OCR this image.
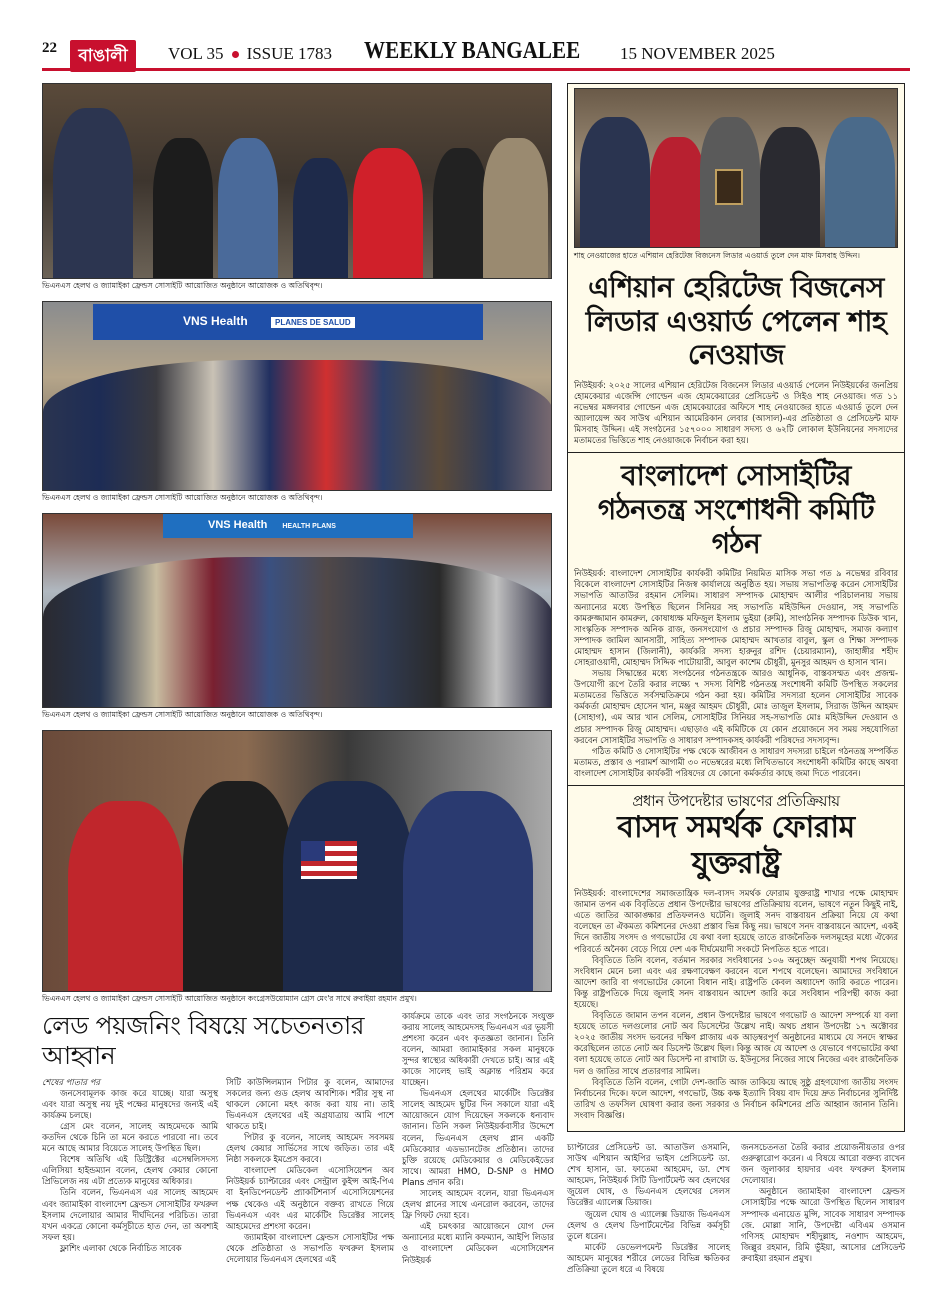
22	বাঙালী	VOL 35 ISSUE 1783 WEEKLY BANGALEE 15 NOVEMBER 2025
ভিএনএস হেলথ ও জ্যামাইকা ফ্রেন্ডস সোসাইটি আয়োজিত অনুষ্ঠানে আয়োজক ও অতিথিবৃন্দ।
VNS Health	PLANES DE SALUD
ভিএনএস হেলথ ও জ্যামাইকা ফ্রেন্ডস সোসাইটি আয়োজিত অনুষ্ঠানে আয়োজক ও অতিথিবৃন্দ।
VNS Health HEALTH PLANS
ভিএনএস হেলথ ও জ্যামাইকা ফ্রেন্ডস সোসাইটি আয়োজিত অনুষ্ঠানে আয়োজক ও অতিথিবৃন্দ।
ভিএনএস হেলথ ও জ্যামাইকা ফ্রেন্ডস সোসাইটি আয়োজিত অনুষ্ঠানে কংগ্রেসউয়োম্যান গ্রেস মেং'র সাথে রুবাইয়া রহমান প্রমুখ।
লেড পয়জনিং বিষয়ে সচেতনতার আহ্বান

শেষের পাতার পর

জনসেবামূলক কাজ করে যাচ্ছে। যারা অসুস্থ এবং যারা অসুস্থ নয় দুই পক্ষের মানুষদের জন্যই এই কার্যক্রম চলছে।

গ্রেস মেং বলেন, সালেহ আহমেদকে আমি কতদিন থেকে চিনি তা মনে করতে পারবো না। তবে মনে আছে আমার বিয়েতে সালেহ উপস্থিত ছিল।

বিশেষ অতিথি এই ডিস্ট্রিক্টের এসেম্বলিসদস্য এলিসিয়া হাইন্ডম্যান বলেন, হেলথ কেয়ার কোনো প্রিভিলেজ নয় এটা প্রত্যেক মানুষের অধিকার।

তিনি বলেন, ভিএনএস এর সালেহ আহমেদ এবং জ্যামাইকা বাংলাদেশ ফ্রেন্ডস সোসাইটির ফখরুল ইসলাম দেলোয়ার আমার দীর্ঘদিনের পরিচিত। তারা যখন একত্রে কোনো কর্মসূচীতে হাত দেন, তা অবশ্যই সফল হয়।

ফ্লাশিং এলাকা থেকে নির্বাচিত সাবেক

সিটি কাউন্সিলম্যান পিটার কু বলেন, আমাদের সকলের জন্য গুড হেলথ আবশ্যিক। শরীর সুস্থ না থাকলে কোনো মহৎ কাজ করা যায় না। তাই ভিএনএস হেলথের এই অগ্রযাত্রায় আমি পাশে থাকতে চাই।

পিটার কু বলেন, সালেহ আহমেদ সবসময় হেলথ কেয়ার সার্ভিসের সাথে জড়িত। তার এই নিষ্ঠা সকলকে ইমপ্রেস করবে।

বাংলাদেশ মেডিকেল এসোসিয়েশন অব নিউইয়র্ক চ্যাপ্টারের এবং সেন্ট্রাল কুইন্স আই-পিএ বা ইনডিপেনডেন্ট প্র্যাকটিশনার্স এসোসিয়েশনের পক্ষ থেকেও এই অনুষ্ঠানে বক্তব্য রাখতে গিয়ে ভিএনএস এবং এর মার্কেটিং ডিরেক্টর সালেহ আহমেদের প্রশংসা করেন।

জ্যামাইকা বাংলাদেশ ফ্রেন্ডস সোসাইটির পক্ষ থেকে প্রতিষ্ঠাতা ও সভাপতি ফখরুল ইসলাম দেলোয়ার ভিএনএস হেলথের এই

কার্যক্রমে তাকে এবং তার সংগঠনকে সংযুক্ত করায় সালেহ আহমেদসহ ভিএনএস এর ভূয়সী প্রশংসা করেন এবং কৃতজ্ঞতা জানান। তিনি বলেন, আমরা জ্যামাইকার সকল মানুষকে সুন্দর স্বাস্থ্যের অধিকারী দেখতে চাই। আর এই কাজে সালেহ ভাই অক্লান্ত পরিশ্রম করে যাচ্ছেন।

ভিএনএস হেলথের মার্কেটিং ডিরেক্টর সালেহ আহমেদ ছুটির দিন সকালে যারা এই আয়োজনে যোগ দিয়েছেন সকলকে ধন্যবাদ জানান। তিনি সকল নিউইয়র্কবাসীর উদ্দেশে বলেন, ভিএনএস হেলথ প্লান একটি মেডিকেয়ার এডভ্যানটেজ প্রতিষ্ঠান। তাদের চুক্তি রয়েছে মেডিকেয়ার ও মেডিকেইডের সাথে। আমরা HMO, D-SNP ও HMO Plans প্রদান করি।

সালেহ আহমেদ বলেন, যারা ভিএনএস হেলথ প্লানের সাথে এনরোল করবেন, তাদের ফ্রি গিফট দেয়া হবে।

এই চমৎকার আয়োজনে যোগ দেন অন্যান্যের মধ্যে ম্যানি কফম্যান, আইপি লিডার ও বাংলাদেশ মেডিকেল এসোসিয়েশন নিউইয়র্ক

শাহ নেওয়াজের হাতে এশিয়ান হেরিটেজ বিজনেস লিডার এওয়ার্ড তুলে দেন মাফ মিসবাহ উদ্দিন।
এশিয়ান হেরিটেজ বিজনেস লিডার এওয়ার্ড পেলেন শাহ নেওয়াজ

নিউইয়র্ক: ২০২৫ সালের এশিয়ান হেরিটেজ বিজনেস লিডার এওয়ার্ড পেলেন নিউইয়র্কের জনপ্রিয় হোমকেয়ার এজেন্সি গোল্ডেন এজ হোমকেয়ারের প্রেসিডেন্ট ও সিইও শাহ নেওয়াজ। গত ১১ নভেম্বর মঙ্গলবার গোল্ডেন এজ হোমকেয়ারের অফিসে শাহ নেওয়াজের হাতে এওয়ার্ড তুলে দেন অ্যালায়েন্স অব সাউথ এশিয়ান আমেরিকান লেবার (আসাল)-এর প্রতিষ্ঠাতা ও প্রেসিডেন্ট মাফ মিসবাহ উদ্দিন। এই সংগঠনের ১৫৭০০০ সাধারণ সদস্য ও ৬২টি লোকাল ইউনিয়নের সদস্যদের মতামতের ভিত্তিতে শাহ নেওয়াজকে নির্বাচন করা হয়।

বাংলাদেশ সোসাইটির গঠনতন্ত্র সংশোধনী কমিটি গঠন

নিউইয়র্ক: বাংলাদেশ সোসাইটির কার্যকরী কমিটির নিয়মিত মাসিক সভা গত ৯ নভেম্বর রবিবার বিকেলে বাংলাদেশ সোসাইটির নিজস্ব কার্যালয়ে অনুষ্ঠিত হয়। সভায় সভাপতিত্ব করেন সোসাইটির সভাপতি আতাউর রহমান সেলিম। সাধারণ সম্পাদক মোহাম্মদ আলীর পরিচালনায় সভায় অন্যান্যের মধ্যে উপস্থিত ছিলেন সিনিয়র সহ সভাপতি মহিউদ্দিন দেওয়ান, সহ সভাপতি কামরুজ্জামান কামরুল, কোষাধ্যক্ষ মফিজুল ইসলাম ভুইয়া (রুমি), সাংগঠনিক সম্পাদক ডিউক খান, সাংস্কৃতিক সম্পাদক অনিক রাজ, জনসংযোগ ও প্রচার সম্পাদক রিজু মোহাম্মদ, সমাজ কল্যাণ সম্পাদক জামিল আনসারী, সাহিত্য সম্পাদক মোহাম্মদ আখতার বাবুল, স্কুল ও শিক্ষা সম্পাদক মোহাম্মদ হাসান (জিলানী), কার্যকরি সদস্য হারুনুর রশিদ (চেয়ারম্যান), জাহাঙ্গীর শহীদ সোহরাওয়ার্দী, মোহাম্মদ সিদ্দিক পাটোয়ারী, আবুল কাশেম চৌধুরী, মুনসুর আহমদ ও হাসান খান।

সভায় সিদ্ধান্তের মধ্যে সংগঠনের গঠনতন্ত্রকে আরও আধুনিক, বাস্তবসম্মত এবং প্রজন্ম-উপযোগী রূপে তৈরি করার লক্ষ্যে ৭ সদস্য বিশিষ্ট গঠনতন্ত্র সংশোধনী কমিটি উপস্থিত সকলের মতামতের ভিত্তিতে সর্বসম্মতিক্রমে গঠন করা হয়। কমিটির সদস্যরা হলেন সোসাইটির সাবেক কর্মকর্তা মোহাম্মদ হোসেন খান, মঞ্জুর আহমদ চৌধুরী, মোঃ তাজুল ইসলাম, সিরাজ উদ্দিন আহমদ (সোহাগ), এম আর খান সেলিম, সোসাইটির সিনিয়র সহ-সভাপতি মোঃ মহিউদ্দিন দেওয়ান ও প্রচার সম্পাদক রিজু মোহাম্মদ। এছাড়াও এই কমিটিকে যে কোন প্রয়োজনে সব সময় সহযোগিতা করবেন সোসাইটির সভাপতি ও সাধারণ সম্পাদকসহ কার্যকরী পরিষদের সদস্যবৃন্দ।

গঠিত কমিটি ও সোসাইটির পক্ষ থেকে আজীবন ও সাধারণ সদস্যরা চাইলে গঠনতন্ত্র সম্পর্কিত মতামত, প্রস্তাব ও পরামর্শ আগামী ৩০ নভেম্বরের মধ্যে লিখিতভাবে সংশোধনী কমিটির কাছে অথবা বাংলাদেশ সোসাইটির কার্যকরী পরিষদের যে কোনো কর্মকর্তার কাছে জমা দিতে পারবেন।

প্রধান উপদেষ্টার ভাষণের প্রতিক্রিয়ায়
বাসদ সমর্থক ফোরাম যুক্তরাষ্ট্র

নিউইয়র্ক: বাংলাদেশের সমাজতান্ত্রিক দল-বাসদ সমর্থক ফোরাম যুক্তরাষ্ট্র শাখার পক্ষে মোহাম্মদ জামান তপন এক বিবৃতিতে প্রধান উপদেষ্টার ভাষণের প্রতিক্রিয়ায় বলেন, ভাষণে নতুন কিছুই নাই, এতে জাতির আকাঙ্ক্ষার প্রতিফলনও ঘটেনি। জুলাই সনদ বাস্তবায়ন প্রক্রিয়া নিয়ে যে কথা বলেছেন তা ঐকমত্য কমিশনের দেওয়া প্রস্তাব ভিন্ন কিছু নয়। ভাষণে সনদ বাস্তবায়নে আদেশ, একই দিনে জাতীয় সংসদ ও গণভোটের যে কথা বলা হয়েছে তাতে রাজনৈতিক দলসমূহের মধ্যে ঐক্যের পরিবর্তে অনৈক্য বেড়ে গিয়ে দেশ এক দীর্ঘমেয়াদী সংকটে নিপতিত হতে পারে।

বিবৃতিতে তিনি বলেন, বর্তমান সরকার সংবিধানের ১০৬ অনুচ্ছেদ অনুযায়ী শপথ নিয়েছে। সংবিধান মেনে চলা এবং এর রক্ষণাবেক্ষণ করবেন বলে শপথে বলেছেন। আমাদের সংবিধানে আদেশ জারি বা গণভোটের কোনো বিধান নাই। রাষ্ট্রপতি কেবল অধ্যাদেশ জারি করতে পারেন। কিন্তু রাষ্ট্রপতিকে দিয়ে জুলাই সনদ বাস্তবায়ন আদেশ জারি করে সংবিধান পরিপন্থী কাজ করা হয়েছে।

বিবৃতিতে জামান তপন বলেন, প্রধান উপদেষ্টার ভাষণে গণভোট ও আদেশ সম্পর্কে যা বলা হয়েছে তাতে দলগুলোর নোট অব ডিসেন্টের উল্লেখ নাই। অথচ প্রধান উপদেষ্টা ১৭ অক্টোবর ২০২৫ জাতীয় সংসদ ভবনের দক্ষিণ প্লাজায় এক আড়ম্বরপূর্ণ অনুষ্ঠানের মাধ্যমে যে সনদে স্বাক্ষর করেছিলেন তাতে নোট অব ডিসেন্ট উল্লেখ ছিল। কিন্তু আজ যে আদেশ ও যেভাবে গণভোটের কথা বলা হয়েছে তাতে নোট অব ডিসেন্ট না রাখাটা ড. ইউনূসের নিজের সাথে নিজের এবং রাজনৈতিক দল ও জাতির সাথে প্রতারণার সামিল।

বিবৃতিতে তিনি বলেন, গোটা দেশ-জাতি আজ তাকিয়ে আছে সুষ্ঠু গ্রহণযোগ্য জাতীয় সংসদ নির্বাচনের দিকে। ফলে আদেশ, গণভোট, উচ্চ কক্ষ ইত্যাদি বিষয় বাদ দিয়ে দ্রুত নির্বাচনের সুনির্দিষ্ট তারিখ ও তফসিল ঘোষণা করার জন্য সরকার ও নির্বাচন কমিশনের প্রতি আহ্বান জানান তিনি। সংবাদ বিজ্ঞপ্তি।

চ্যাপ্টারের প্রেসিডেন্ট ডা. আতাউল ওসমানি, সাউথ এশিয়ান আইপির ভাইস প্রেসিডেন্ট ডা. শেখ হাসান, ডা. ফাতেমা আহমেদ, ডা. শেখ আহমেদ, নিউইয়র্ক সিটি ডিপার্টমেন্ট অব হেলথের জুয়েল ঘোষ, ও ভিএনএস হেলথের সেলস ডিরেক্টর এ্যালেক্স ডিয়াজ।

জুয়েল ঘোষ ও এ্যালেক্স ডিয়াজ ভিএনএস হেলথ ও হেলথ ডিপার্টমেন্টের বিভিন্ন কর্মসূচী তুলে ধরেন।

মার্কেট ডেভেলপমেন্ট ডিরেক্টর সালেহ আহমেদ মানুষের শরীরে লেডের বিভিন্ন ক্ষতিকর প্রতিক্রিয়া তুলে ধরে এ বিষয়ে

জনসচেতনতা তৈরি করার প্রয়োজনীয়তার ওপর গুরুত্বারোপ করেন। এ বিষয়ে আরো বক্তব্য রাখেন জন জুলাকার হায়দার এবং ফখরুল ইসলাম দেলোয়ার।

অনুষ্ঠানে জ্যামাইকা বাংলাদেশ ফ্রেন্ডস সোসাইটির পক্ষে আরো উপস্থিত ছিলেন সাধারণ সম্পাদক এনায়েত মুন্সি, সাবেক সাধারণ সম্পাদক জে. মোল্লা সানি, উপদেষ্টা এবিএম ওসমান গণিসহ মোহাম্মদ শহীদুল্লাহ, নওশাদ আহমেদ, জিল্লুর রহমান, রিমি ভুঁইয়া, আসোর প্রেসিডেন্ট রুবাইয়া রহমান প্রমুখ।
